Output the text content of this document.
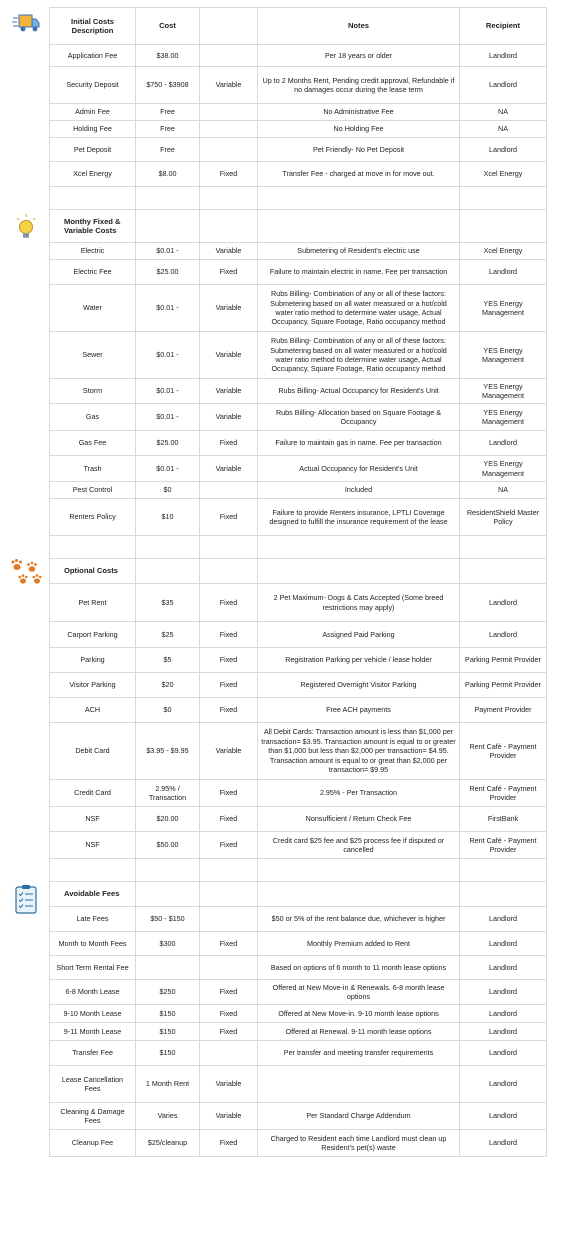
Initial Costs Description	Cost		Notes	Recipient
Application Fee	$38.00		Per 18 years or older	Landlord
Security Deposit	$750 - $3908	Variable	Up to 2 Months Rent, Pending credit approval, Refundable if no damages occur during the lease term	Landlord
Admin Fee	Free		No Administrative Fee	NA
Holding Fee	Free		No Holding Fee	NA
Pet Deposit	Free		Pet Friendly- No Pet Deposit	Landlord
Xcel Energy	$8.00	Fixed	Transfer Fee - charged at move in for move out.	Xcel Energy

Monthy Fixed & Variable Costs				
Electric	$0.01 -	Variable	Submetering of Resident's electric use	Xcel Energy
Electric Fee	$25.00	Fixed	Failure to maintain electric in name. Fee per transaction	Landlord
Water	$0.01 -	Variable	Rubs Billing- Combination of any or all of these factors: Submetering based on all water measured or a hot/cold water ratio method to determine water usage, Actual Occupancy, Square Footage, Ratio occupancy method	YES Energy Management
Sewer	$0.01 -	Variable	Rubs Billing- Combination of any or all of these factors: Submetering based on all water measured or a hot/cold water ratio method to determine water usage, Actual Occupancy, Square Footage, Ratio occupancy method	YES Energy Management
Storm	$0.01 -	Variable	Rubs Billing- Actual Occupancy for Resident's Unit	YES Energy Management
Gas	$0.01 -	Variable	Rubs Billing- Allocation based on Square Footage & Occupancy	YES Energy Management
Gas Fee	$25.00	Fixed	Failure to maintain gas in name. Fee per transaction	Landlord
Trash	$0.01 -	Variable	Actual Occupancy for Resident's Unit	YES Energy Management
Pest Control	$0		Included	NA
Renters Policy	$10	Fixed	Failure to provide Renters insurance, LPTLI Coverage designed to fulfill the insurance requirement of the lease	ResidentShield Master Policy

Optional Costs				
Pet Rent	$35	Fixed	2 Pet Maximum- Dogs & Cats Accepted (Some breed restrictions may apply)	Landlord
Carport Parking	$25	Fixed	Assigned Paid Parking	Landlord
Parking	$5	Fixed	Registration Parking per vehicle / lease holder	Parking Permit Provider
Visitor Parking	$20	Fixed	Registered Overnight Visitor Parking	Parking Permit Provider
ACH	$0	Fixed	Free ACH payments	Payment Provider
Debit Card	$3.95 - $9.95	Variable	All Debit Cards: Transaction amount is less than $1,000 per transaction= $3.95. Transaction amount is equal to or greater than $1,000 but less than $2,000 per transaction= $4.95. Transaction amount is equal to or great than $2,000 per transaction= $9.95	Rent Café - Payment Provider
Credit Card	2.95% / Transaction	Fixed	2.95% - Per Transaction	Rent Café - Payment Provider
NSF	$20.00	Fixed	Nonsufficient / Return Check Fee	FirstBank
NSF	$50.00	Fixed	Credit card $25 fee and $25 process fee if disputed or cancelled	Rent Café - Payment Provider

Avoidable Fees				
Late Fees	$50 - $150		$50 or 5% of the rent balance due, whichever is higher	Landlord
Month to Month Fees	$300	Fixed	Monthly Premium added to Rent	Landlord
Short Term Rental Fee			Based on options of 6 month to 11 month lease options	Landlord
6-8 Month Lease	$250	Fixed	Offered at New Move-in & Renewals. 6-8 month lease options	Landlord
9-10 Month Lease	$150	Fixed	Offered at New Move-in. 9-10 month lease options	Landlord
9-11 Month Lease	$150	Fixed	Offered at Renewal. 9-11 month lease options	Landlord
Transfer Fee	$150		Per transfer and meeting transfer requirements	Landlord
Lease Cancellation Fees	1 Month Rent	Variable		Landlord
Cleaning & Damage Fees	Varies	Variable	Per Standard Charge Addendum	Landlord
Cleanup Fee	$25/cleanup	Fixed	Charged to Resident each time Landlord must clean up Resident's pet(s) waste	Landlord
